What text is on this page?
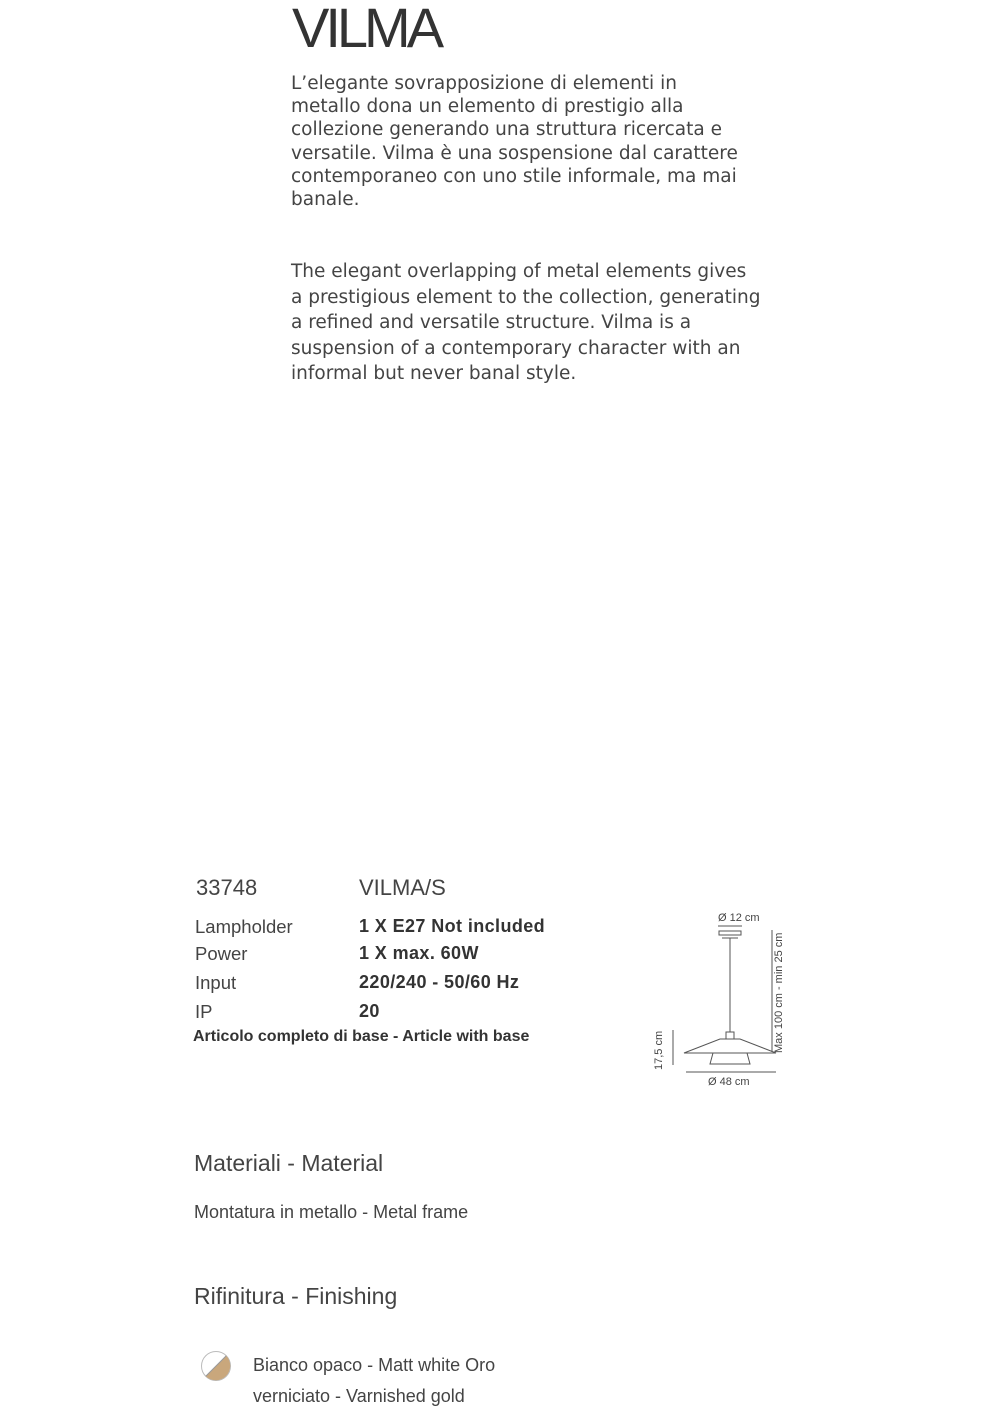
VILMA
L’elegante sovrapposizione di elementi in metallo dona un elemento di prestigio alla collezione generando una struttura ricercata e versatile. Vilma è una sospensione dal carattere contemporaneo con uno stile informale, ma mai banale.
The elegant overlapping of metal elements gives a prestigious element to the collection, generating a refined and versatile structure. Vilma is a suspension of a contemporary character with an informal but never banal style.
33748	VILMA/S
Lampholder	1 X E27 Not included
Power	1 X max. 60W
Input	220/240 - 50/60 Hz
IP	20
Articolo completo di base - Article with base
Ø 12 cm
Ø 48 cm
17,5 cm	Max 100 cm - min 25 cm
Materiali - Material
Montatura in metallo - Metal frame
Rifinitura - Finishing
Bianco opaco - Matt white Oro
verniciato - Varnished gold
